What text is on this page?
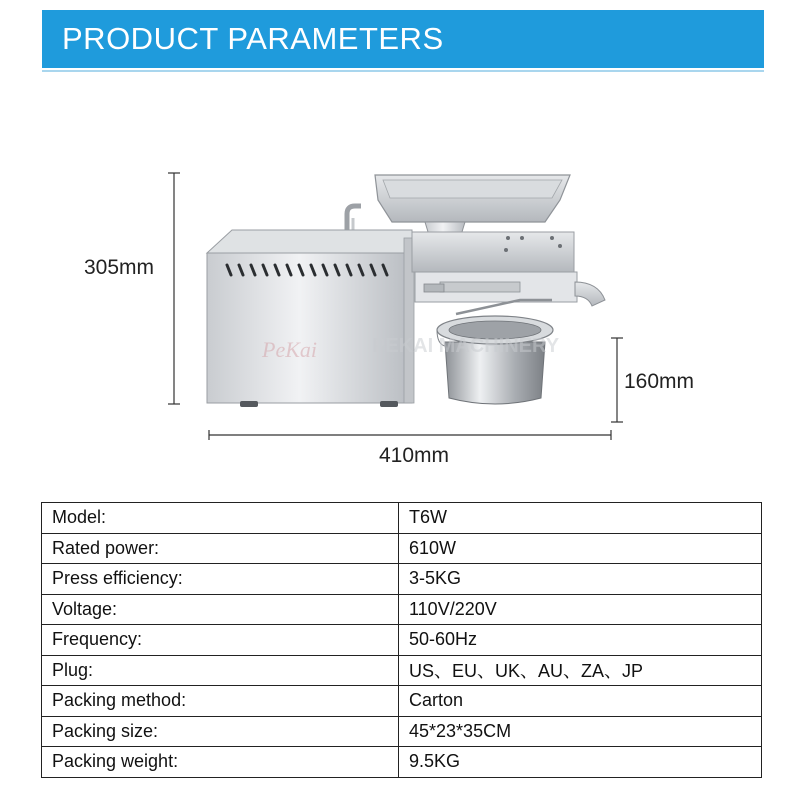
PRODUCT PARAMETERS
PeKai	PEKAI MACHINERY
305mm
410mm
160mm
Model:	T6W
Rated power:	610W
Press efficiency:	3-5KG
Voltage:	110V/220V
Frequency:	50-60Hz
Plug:	US、EU、UK、AU、ZA、JP
Packing method:	Carton
Packing size:	45*23*35CM
Packing weight:	9.5KG
